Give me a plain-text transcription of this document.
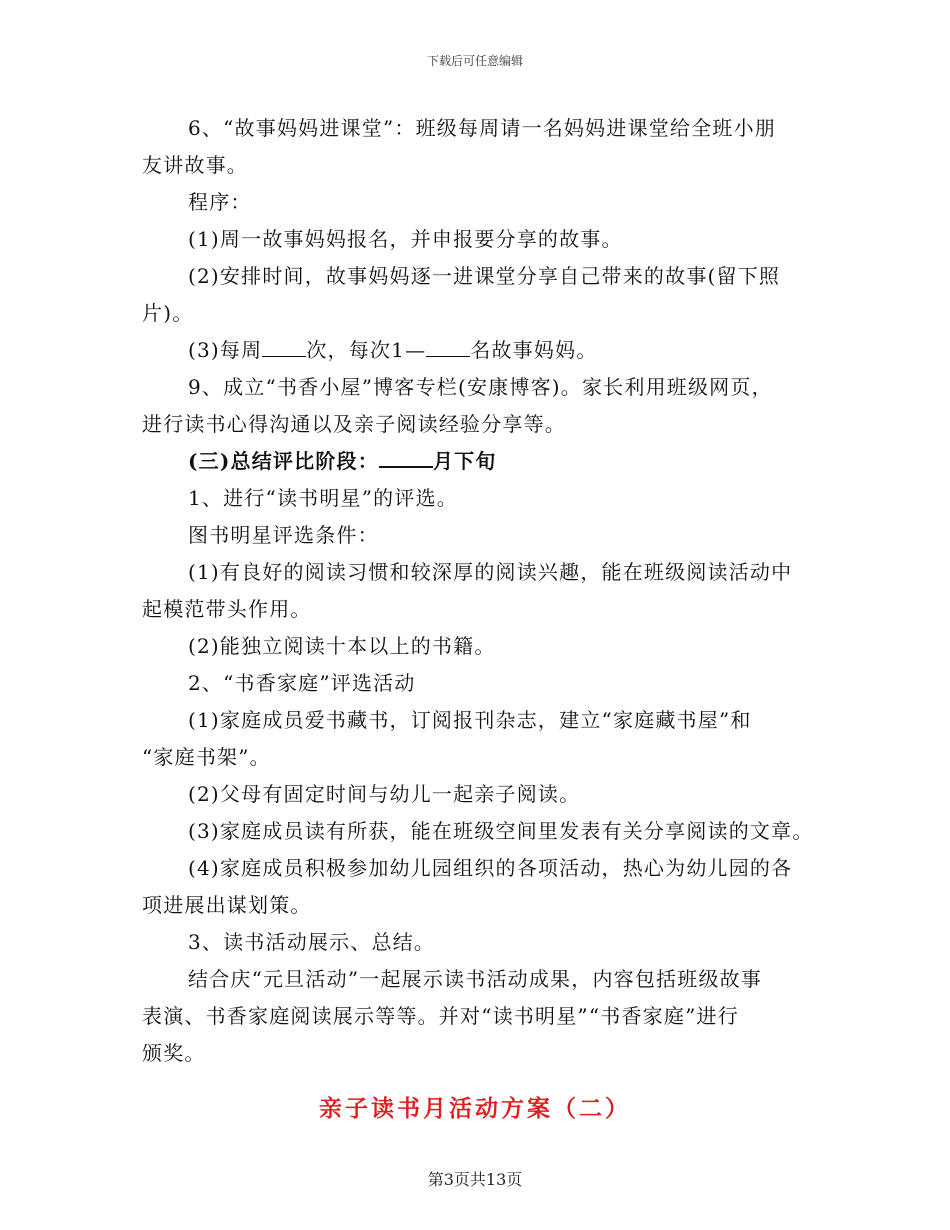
下载后可任意编辑
6、“故事妈妈进课堂”：班级每周请一名妈妈进课堂给全班小朋
友讲故事。
程序：
(1)周一故事妈妈报名，并申报要分享的故事。
(2)安排时间，故事妈妈逐一进课堂分享自己带来的故事(留下照
片)。
(3)每周 次，每次1— 名故事妈妈。
9、成立“书香小屋”博客专栏(安康博客)。家长利用班级网页，
进行读书心得沟通以及亲子阅读经验分享等。
(三)总结评比阶段：	月下旬
1、进行“读书明星”的评选。
图书明星评选条件：
(1)有良好的阅读习惯和较深厚的阅读兴趣，能在班级阅读活动中
起模范带头作用。
(2)能独立阅读十本以上的书籍。
2、“书香家庭”评选活动
(1)家庭成员爱书藏书，订阅报刊杂志，建立“家庭藏书屋”和
“家庭书架”。
(2)父母有固定时间与幼儿一起亲子阅读。
(3)家庭成员读有所获，能在班级空间里发表有关分享阅读的文章。
(4)家庭成员积极参加幼儿园组织的各项活动，热心为幼儿园的各
项进展出谋划策。
3、读书活动展示、总结。
结合庆“元旦活动”一起展示读书活动成果，内容包括班级故事
表演、书香家庭阅读展示等等。并对“读书明星”“书香家庭”进行
颁奖。
亲子读书月活动方案（二）
第3页共13页
